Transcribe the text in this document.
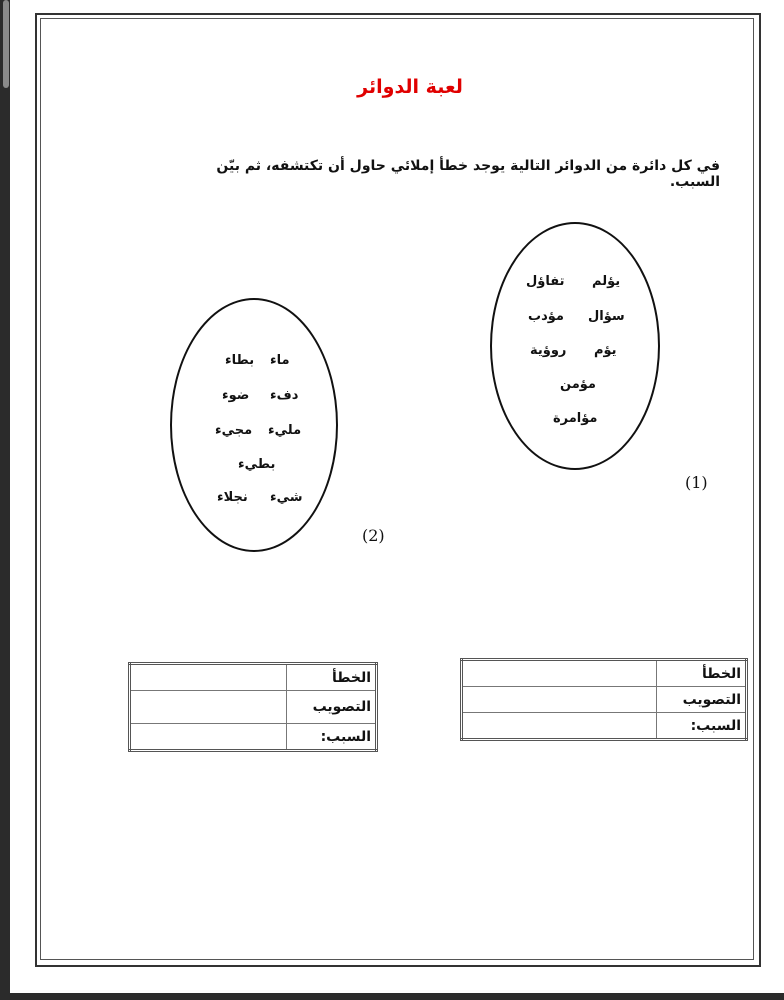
لعبة الدوائر
في كل دائرة من الدوائر التالية يوجد خطأ إملائي حاول أن تكتشفه، ثم بيّن السبب.
يؤلم
تفاؤل
سؤال
مؤدب
يؤم
روؤية
مؤمن
مؤامرة
(1)
ماء
بطاء
دفء
ضوء
مليء
مجيء
بطيء
شيء
نجلاء
(2)
الخطأ	
التصويب	
السبب:	
الخطأ	
التصويب	
السبب:	
